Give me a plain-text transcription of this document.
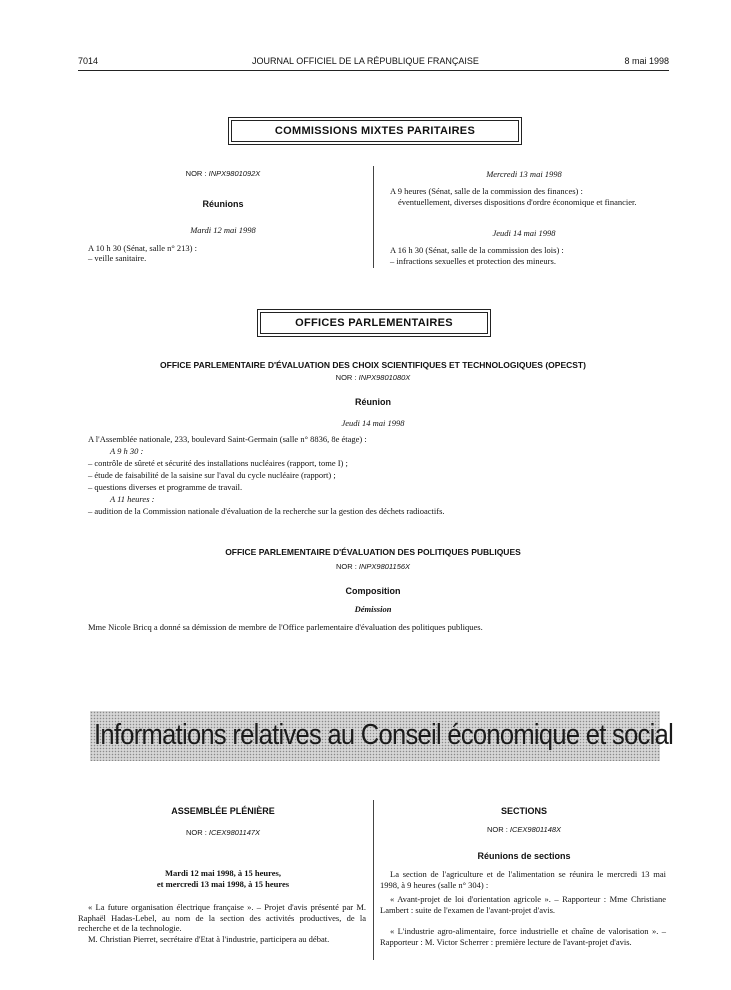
7014	JOURNAL OFFICIEL DE LA RÉPUBLIQUE FRANÇAISE	8 mai 1998
COMMISSIONS MIXTES PARITAIRES
NOR : INPX9801092X
Réunions
Mardi 12 mai 1998
A 10 h 30 (Sénat, salle n° 213) :
– veille sanitaire.
Mercredi 13 mai 1998
A 9 heures (Sénat, salle de la commission des finances) :
éventuellement, diverses dispositions d'ordre économique et financier.
Jeudi 14 mai 1998
A 16 h 30 (Sénat, salle de la commission des lois) :
– infractions sexuelles et protection des mineurs.
OFFICES PARLEMENTAIRES
OFFICE PARLEMENTAIRE D'ÉVALUATION DES CHOIX SCIENTIFIQUES ET TECHNOLOGIQUES (OPECST)
NOR : INPX9801080X
Réunion
Jeudi 14 mai 1998
A l'Assemblée nationale, 233, boulevard Saint-Germain (salle n° 8836, 8e étage) :
A 9 h 30 :
– contrôle de sûreté et sécurité des installations nucléaires (rapport, tome I) ;
– étude de faisabilité de la saisine sur l'aval du cycle nucléaire (rapport) ;
– questions diverses et programme de travail.
A 11 heures :
– audition de la Commission nationale d'évaluation de la recherche sur la gestion des déchets radioactifs.
OFFICE PARLEMENTAIRE D'ÉVALUATION DES POLITIQUES PUBLIQUES
NOR : INPX9801156X
Composition
Démission
Mme Nicole Bricq a donné sa démission de membre de l'Office parlementaire d'évaluation des politiques publiques.
Informations relatives au Conseil économique et social
ASSEMBLÉE PLÉNIÈRE
NOR : ICEX9801147X
Mardi 12 mai 1998, à 15 heures,
et mercredi 13 mai 1998, à 15 heures

« La future organisation électrique française ». – Projet d'avis présenté par M. Raphaël Hadas-Lebel, au nom de la section des activités productives, de la recherche et de la technologie.

M. Christian Pierret, secrétaire d'Etat à l'industrie, participera au débat.

SECTIONS
NOR : ICEX9801148X
Réunions de sections

La section de l'agriculture et de l'alimentation se réunira le mercredi 13 mai 1998, à 9 heures (salle n° 304) :

« Avant-projet de loi d'orientation agricole ». – Rapporteur : Mme Christiane Lambert : suite de l'examen de l'avant-projet d'avis.

« L'industrie agro-alimentaire, force industrielle et chaîne de valorisation ». – Rapporteur : M. Victor Scherrer : première lecture de l'avant-projet d'avis.
